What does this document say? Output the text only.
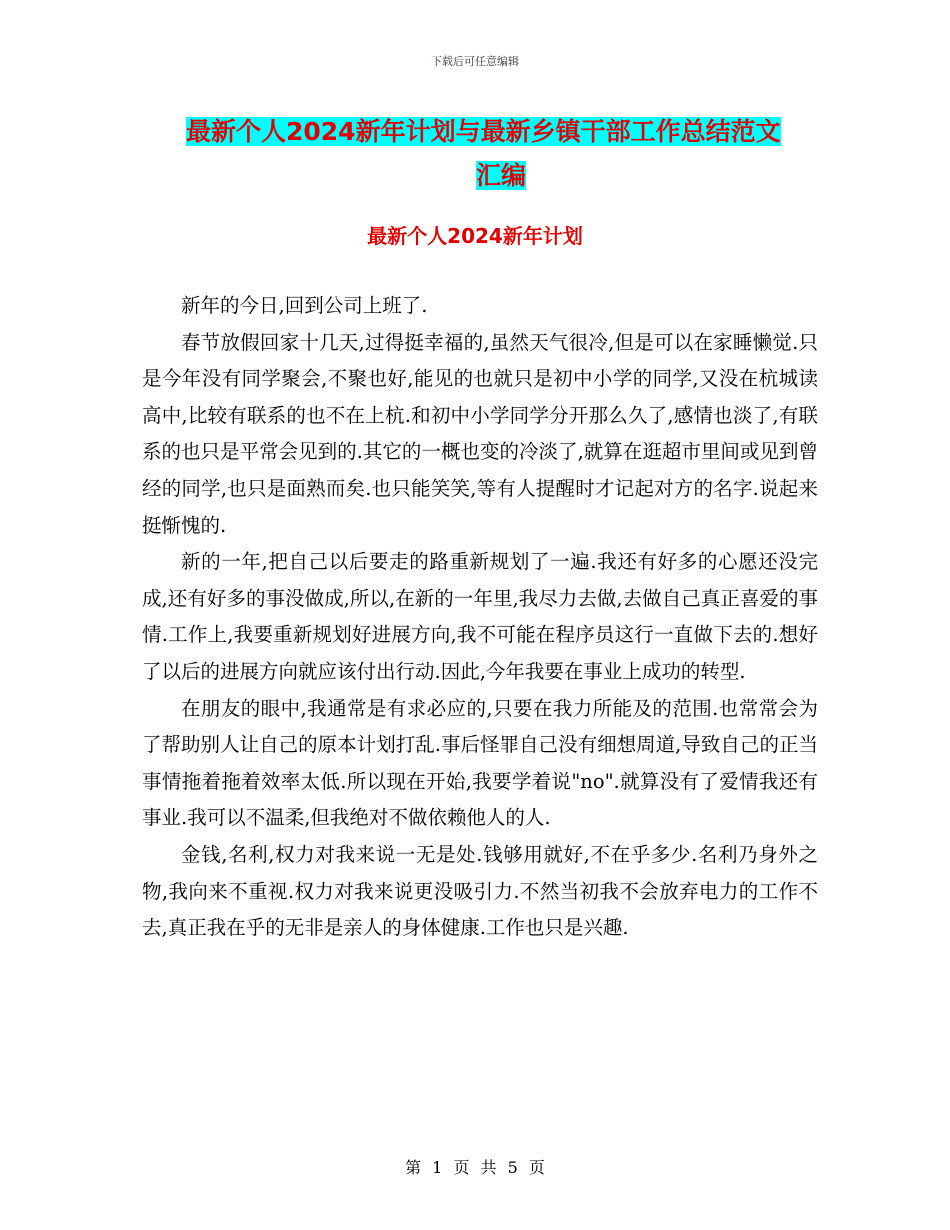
下载后可任意编辑
最新个人2024新年计划与最新乡镇干部工作总结范文
汇编
最新个人2024新年计划

新年的今日,回到公司上班了.

春节放假回家十几天,过得挺幸福的,虽然天气很冷,但是可以在家睡懒觉.只是今年没有同学聚会,不聚也好,能见的也就只是初中小学的同学,又没在杭城读高中,比较有联系的也不在上杭.和初中小学同学分开那么久了,感情也淡了,有联系的也只是平常会见到的.其它的一概也变的冷淡了,就算在逛超市里间或见到曾经的同学,也只是面熟而矣.也只能笑笑,等有人提醒时才记起对方的名字.说起来挺惭愧的.

新的一年,把自己以后要走的路重新规划了一遍.我还有好多的心愿还没完成,还有好多的事没做成,所以,在新的一年里,我尽力去做,去做自己真正喜爱的事情.工作上,我要重新规划好进展方向,我不可能在程序员这行一直做下去的.想好了以后的进展方向就应该付出行动.因此,今年我要在事业上成功的转型.

在朋友的眼中,我通常是有求必应的,只要在我力所能及的范围.也常常会为了帮助别人让自己的原本计划打乱.事后怪罪自己没有细想周道,导致自己的正当事情拖着拖着效率太低.所以现在开始,我要学着说"no".就算没有了爱情我还有事业.我可以不温柔,但我绝对不做依赖他人的人.

金钱,名利,权力对我来说一无是处.钱够用就好,不在乎多少.名利乃身外之物,我向来不重视.权力对我来说更没吸引力.不然当初我不会放弃电力的工作不去,真正我在乎的无非是亲人的身体健康.工作也只是兴趣.

第 1 页 共 5 页
